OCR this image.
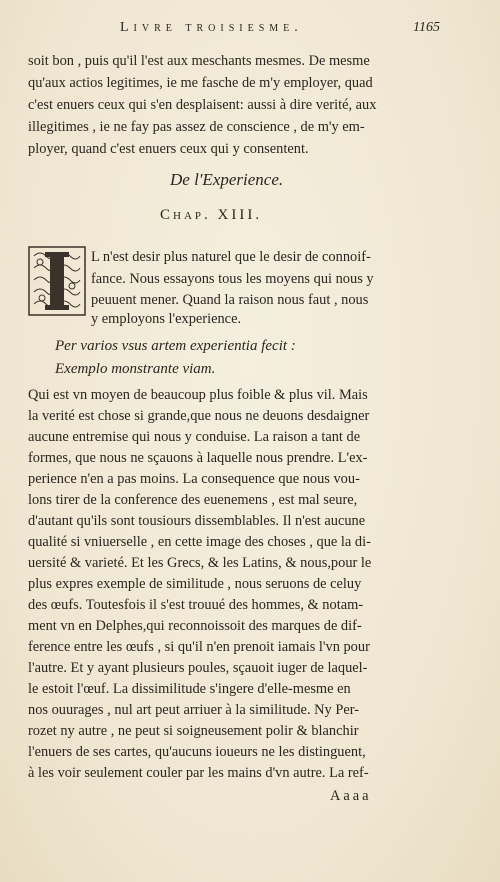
Livre troisiesme.	1165
soit bon , puis qu'il l'est aux meschants mesmes. De mesme
qu'aux actios legitimes, ie me fasche de m'y employer, quad
c'est enuers ceux qui s'en desplaisent: aussi à dire verité, aux
illegitimes , ie ne fay pas assez de conscience , de m'y em-
ployer, quand c'est enuers ceux qui y consentent.
De l'Experience.
Chap. XIII.
L n'est desir plus naturel que le desir de connoif-
fance. Nous essayons tous les moyens qui nous y
peuuent mener. Quand la raison nous faut , nous
y employons l'experience.
Per varios vsus artem experientia fecit :
Exemplo monstrante viam.
Qui est vn moyen de beaucoup plus foible & plus vil. Mais
la verité est chose si grande,que nous ne deuons desdaigner
aucune entremise qui nous y conduise. La raison a tant de
formes, que nous ne sçauons à laquelle nous prendre. L'ex-
perience n'en a pas moins. La consequence que nous vou-
lons tirer de la conference des euenemens , est mal seure,
d'autant qu'ils sont tousiours dissemblables. Il n'est aucune
qualité si vniuerselle , en cette image des choses , que la di-
uersité & varieté. Et les Grecs, & les Latins, & nous,pour le
plus expres exemple de similitude , nous seruons de celuy
des œufs. Toutesfois il s'est trouué des hommes, & notam-
ment vn en Delphes,qui reconnoissoit des marques de dif-
ference entre les œufs , si qu'il n'en prenoit iamais l'vn pour
l'autre. Et y ayant plusieurs poules, sçauoit iuger de laquel-
le estoit l'œuf. La dissimilitude s'ingere d'elle-mesme en
nos ouurages , nul art peut arriuer à la similitude. Ny Per-
rozet ny autre , ne peut si soigneusement polir & blanchir
l'enuers de ses cartes, qu'aucuns ioueurs ne les distinguent,
à les voir seulement couler par les mains d'vn autre. La ref-
Aaaa
